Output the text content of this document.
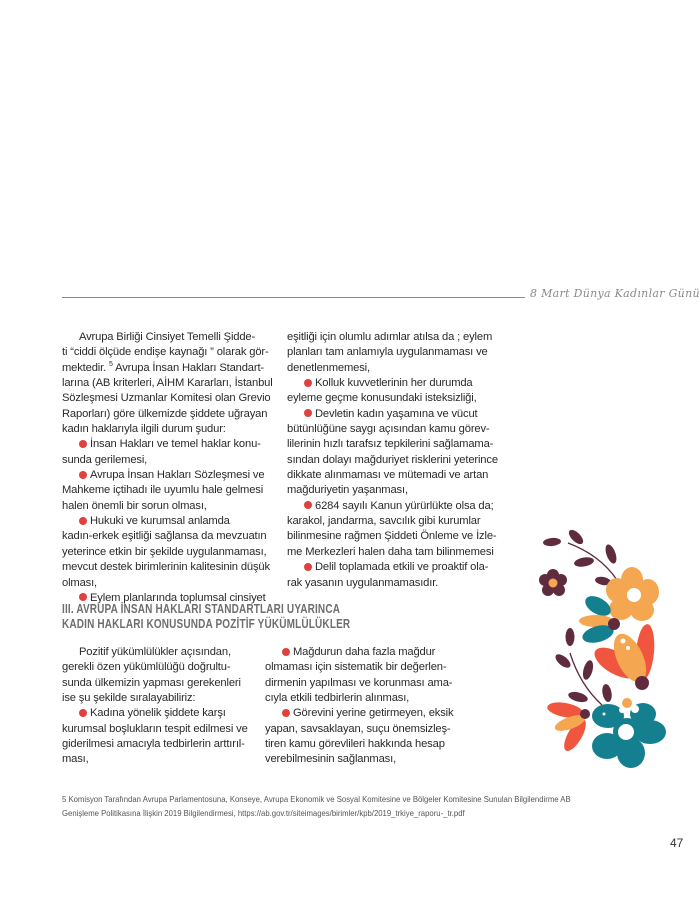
8 Mart Dünya Kadınlar Günü
Avrupa Birliği Cinsiyet Temelli Şidde-
ti “ciddi ölçüde endişe kaynağı ” olarak gör-
mektedir. $^5$ Avrupa İnsan Hakları Standart-
larına (AB kriterleri, AİHM Kararları, İstanbul
Sözleşmesi Uzmanlar Komitesi olan Grevio
Raporları) göre ülkemizde şiddete uğrayan
kadın haklarıyla ilgili durum şudur:
İnsan Hakları ve temel haklar konu-
sunda gerilemesi,
Avrupa İnsan Hakları Sözleşmesi ve
Mahkeme içtihadı ile uyumlu hale gelmesi
halen önemli bir sorun olması,
Hukuki ve kurumsal anlamda
kadın-erkek eşitliği sağlansa da mevzuatın
yeterince etkin bir şekilde uygulanmaması,
mevcut destek birimlerinin kalitesinin düşük
olması,
Eylem planlarında toplumsal cinsiyet
eşitliği için olumlu adımlar atılsa da ; eylem
planları tam anlamıyla uygulanmaması ve
denetlenmemesi,
Kolluk kuvvetlerinin her durumda
eyleme geçme konusundaki isteksizliği,
Devletin kadın yaşamına ve vücut
bütünlüğüne saygı açısından kamu görev-
lilerinin hızlı tarafsız tepkilerini sağlamama-
sından dolayı mağduriyet risklerini yeterince
dikkate alınmaması ve mütemadi ve artan
mağduriyetin yaşanması,
6284 sayılı Kanun yürürlükte olsa da;
karakol, jandarma, savcılık gibi kurumlar
bilinmesine rağmen Şiddeti Önleme ve İzle-
me Merkezleri halen daha tam bilinmemesi
Delil toplamada etkili ve proaktif ola-
rak yasanın uygulanmamasıdır.
III. AVRUPA İNSAN HAKLARI STANDARTLARI UYARINCA
KADIN HAKLARI KONUSUNDA POZİTİF YÜKÜMLÜLÜKLER
Pozitif yükümlülükler açısından,
gerekli özen yükümlülüğü doğrultu-
sunda ülkemizin yapması gerekenleri
ise şu şekilde sıralayabiliriz:
Kadına yönelik şiddete karşı
kurumsal boşlukların tespit edilmesi ve
giderilmesi amacıyla tedbirlerin arttırıl-
ması,
Mağdurun daha fazla mağdur
olmaması için sistematik bir değerlen-
dirmenin yapılması ve korunması ama-
cıyla etkili tedbirlerin alınması,
Görevini yerine getirmeyen, eksik
yapan, savsaklayan, suçu önemsizleş-
tiren kamu görevlileri hakkında hesap
verebilmesinin sağlanması,
5 Komisyon Tarafından Avrupa Parlamentosuna, Konseye, Avrupa Ekonomik ve Sosyal Komitesine ve Bölgeler Komitesine Sunulan Bilgilendirme AB
Genişleme Politikasına İlişkin 2019 Bilgilendirmesi, https://ab.gov.tr/siteimages/birimler/kpb/2019_trkiye_raporu-_tr.pdf
47
